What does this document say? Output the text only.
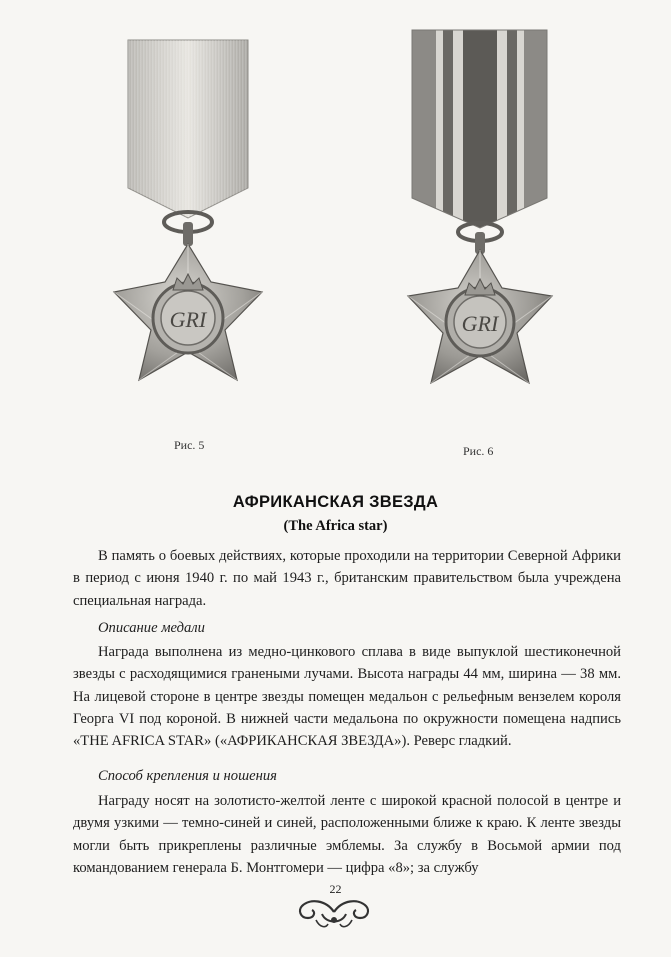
GRI	GRI
Рис. 5	Рис. 6
АФРИКАНСКАЯ ЗВЕЗДА
(The Africa star)

В память о боевых действиях, которые проходили на территории Северной Африки в период с июня 1940 г. по май 1943 г., британским правительством была учреждена специальная награда.

Описание медали

Награда выполнена из медно-цинкового сплава в виде выпуклой шестиконечной звезды с расходящимися гранеными лучами. Высота награды 44 мм, ширина — 38 мм. На лицевой стороне в центре звезды помещен медальон с рельефным вензелем короля Георга VI под короной. В нижней части медальона по окружности помещена надпись «THE AFRICA STAR» («АФРИКАНСКАЯ ЗВЕЗДА»). Реверс гладкий.

Способ крепления и ношения

Награду носят на золотисто-желтой ленте с широкой красной полосой в центре и двумя узкими — темно-синей и синей, расположенными ближе к краю. К ленте звезды могли быть прикреплены различные эмблемы. За службу в Восьмой армии под командованием генерала Б. Монтгомери — цифра «8»; за службу

22
